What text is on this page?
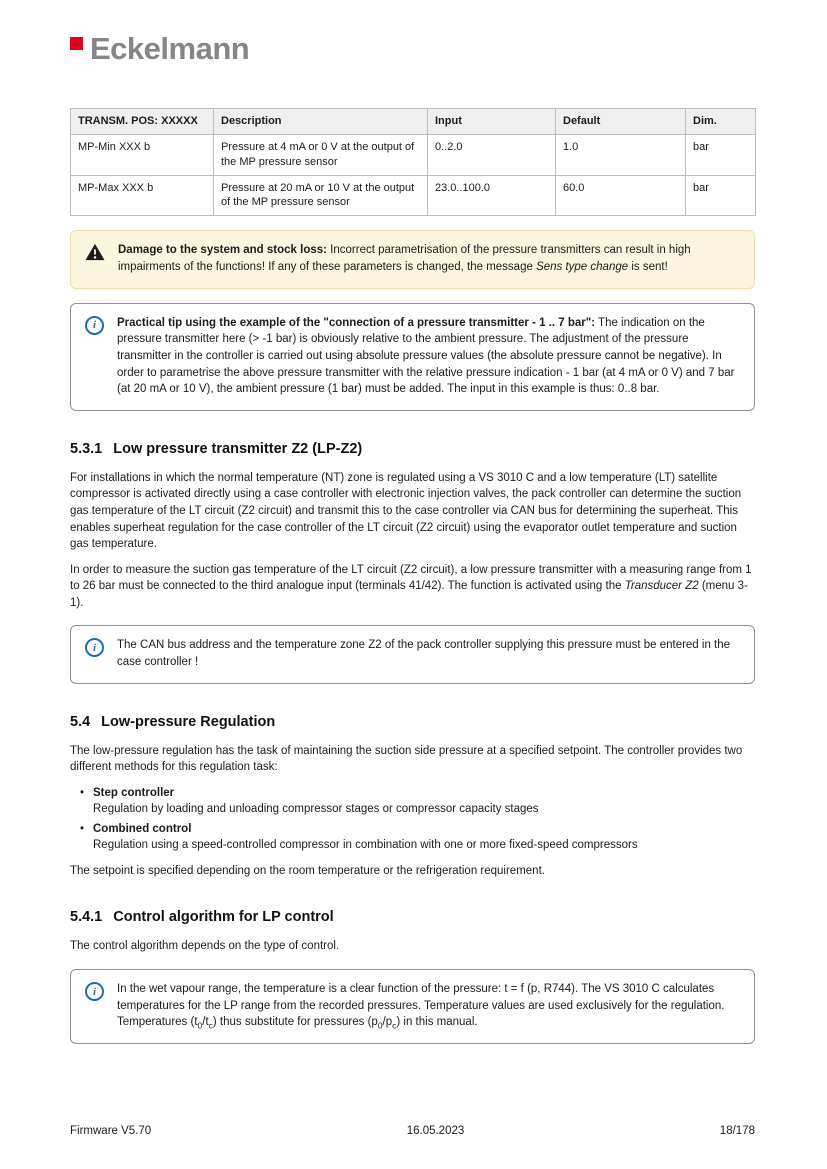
Eckelmann
TRANSM. POS: XXXXX	Description	Input	Default	Dim.
MP-Min XXX b	Pressure at 4 mA or 0 V at the output of the MP pressure sensor	0..2.0	1.0	bar
MP-Max XXX b	Pressure at 20 mA or 10 V at the output of the MP pressure sensor	23.0..100.0	60.0	bar

Damage to the system and stock loss: Incorrect parametrisation of the pressure transmitters can result in high impairments of the functions! If any of these parameters is changed, the message Sens type change is sent!

i	Practical tip using the example of the "connection of a pressure transmitter - 1 .. 7 bar": The indication on the pressure transmitter here (> -1 bar) is obviously relative to the ambient pressure. The adjustment of the pressure transmitter in the controller is carried out using absolute pressure values (the absolute pressure cannot be negative). In order to parametrise the above pressure transmitter with the relative pressure indication - 1 bar (at 4 mA or 0 V) and 7 bar (at 20 mA or 10 V), the ambient pressure (1 bar) must be added. The input in this example is thus: 0..8 bar.

5.3.1 Low pressure transmitter Z2 (LP-Z2)

For installations in which the normal temperature (NT) zone is regulated using a VS 3010 C and a low temperature (LT) satellite compressor is activated directly using a case controller with electronic injection valves, the pack controller can determine the suction gas temperature of the LT circuit (Z2 circuit) and transmit this to the case controller via CAN bus for determining the superheat. This enables superheat regulation for the case controller of the LT circuit (Z2 circuit) using the evaporator outlet temperature and suction gas temperature.

In order to measure the suction gas temperature of the LT circuit (Z2 circuit), a low pressure transmitter with a measuring range from 1 to 26 bar must be connected to the third analogue input (terminals 41/42). The function is activated using the Transducer Z2 (menu 3-1).

i	The CAN bus address and the temperature zone Z2 of the pack controller supplying this pressure must be entered in the case controller !

5.4 Low-pressure Regulation

The low-pressure regulation has the task of maintaining the suction side pressure at a specified setpoint. The controller provides two different methods for this regulation task:

• Step controller
Regulation by loading and unloading compressor stages or compressor capacity stages
• Combined control
Regulation using a speed-controlled compressor in combination with one or more fixed-speed compressors

The setpoint is specified depending on the room temperature or the refrigeration requirement.

5.4.1 Control algorithm for LP control

The control algorithm depends on the type of control.

i	In the wet vapour range, the temperature is a clear function of the pressure: t = f (p, R744). The VS 3010 C calculates temperatures for the LP range from the recorded pressures. Temperature values are used exclusively for the regulation. Temperatures $(t_0/t_c)$ thus substitute for pressures $(p_0/p_c)$ in this manual.

Firmware V5.70	16.05.2023	18/178
